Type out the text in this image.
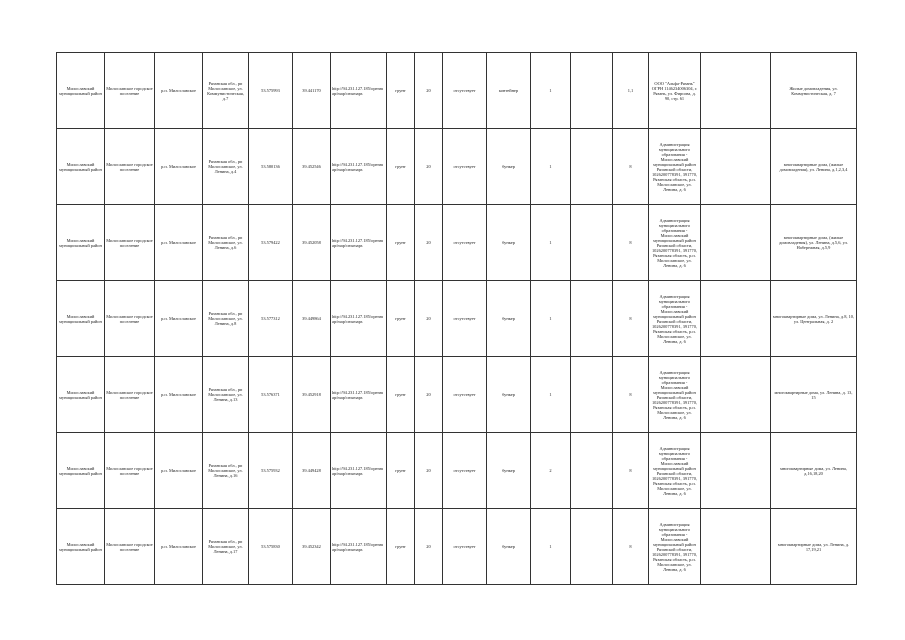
Милославский муниципальный район	Милославское городское поселение	р.п. Милославское	Рязанская обл., рп Милославское, ул. Коммунистическая, д.7	53.575993	39.441170	http://94.231.127.185/openmap/map/cmsmaps	грунт	20	отсутствует	контейнер	1		1,1	ООО "Альфа-Рязань" ОГРН 1146234006304, г. Рязань, ул. Фирсова, д. 90, стр. 61		Жилые домовладения, ул. Коммунистическая, д. 7

Милославский муниципальный район	Милославское городское поселение	р.п. Милославское	Рязанская обл., рп Милославское, ул. Ленина, д.4	53.580136	39.452546	http://94.231.127.185/openmap/map/cmsmaps	грунт	20	отсутствует	бункер	1		8	Администрация муниципального образования - Милославский муниципальный район Рязанской области, 1026200778391, 391770, Рязанская область, р.п. Милославское, ул. Ленина, д. 6		многоквартирные дома, (жилые домовладения), ул. Ленина, д.1,2,3,4

Милославский муниципальный район	Милославское городское поселение	р.п. Милославское	Рязанская обл., рп Милославское, ул. Ленина, д.6	53.579422	39.452058	http://94.231.127.185/openmap/map/cmsmaps	грунт	20	отсутствует	бункер	1		8	Администрация муниципального образования - Милославский муниципальный район Рязанской области, 1026200778391, 391770, Рязанская область, р.п. Милославское, ул. Ленина, д. 6		многоквартирные дома, (жилые домовладения), ул. Ленина, д.5,6, ул. Набережная, д.5,9

Милославский муниципальный район	Милославское городское поселение	р.п. Милославское	Рязанская обл., рп Милославское, ул. Ленина, д.8	53.577312	39.449864	http://94.231.127.185/openmap/map/cmsmaps	грунт	20	отсутствует	бункер	1		8	Администрация муниципального образования - Милославский муниципальный район Рязанской области, 1026200778391, 391770, Рязанская область, р.п. Милославское, ул. Ленина, д. 6		многоквартирные дома, ул. Ленина, д.8, 10, ул. Центральная, д. 2

Милославский муниципальный район	Милославское городское поселение	р.п. Милославское	Рязанская обл., рп Милославское, ул. Ленина, д.13	53.576371	39.452918	http://94.231.127.185/openmap/map/cmsmaps	грунт	20	отсутствует	бункер	1		8	Администрация муниципального образования - Милославский муниципальный район Рязанской области, 1026200778391, 391770, Рязанская область, р.п. Милославское, ул. Ленина, д. 6		многоквартирные дома, ул. Ленина, д. 13, 15

Милославский муниципальный район	Милославское городское поселение	р.п. Милославское	Рязанская обл., рп Милославское, ул. Ленина, д.16	53.575932	39.449428	http://94.231.127.185/openmap/map/cmsmaps	грунт	20	отсутствует	бункер	2		8	Администрация муниципального образования - Милославский муниципальный район Рязанской области, 1026200778391, 391770, Рязанская область, р.п. Милославское, ул. Ленина, д. 6		многоквартирные дома, ул. Ленина, д.16,18,20

Милославский муниципальный район	Милославское городское поселение	р.п. Милославское	Рязанская обл., рп Милославское, ул. Ленина, д.17	53.575830	39.452342	http://94.231.127.185/openmap/map/cmsmaps	грунт	20	отсутствует	бункер	1		8	Администрация муниципального образования - Милославский муниципальный район Рязанской области, 1026200778391, 391770, Рязанская область, р.п. Милославское, ул. Ленина, д. 6		многоквартирные дома, ул. Ленина, д. 17,19,21
